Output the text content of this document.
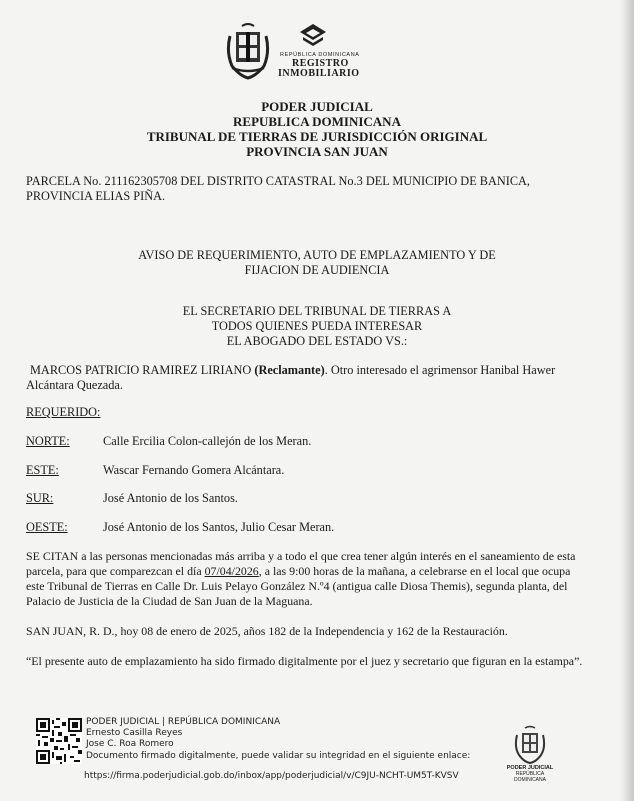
REPÚBLICA DOMINICANA
REGISTRO
INMOBILIARIO
PODER JUDICIAL
REPUBLICA DOMINICANA
TRIBUNAL DE TIERRAS DE JURISDICCIÓN ORIGINAL
PROVINCIA SAN JUAN
PARCELA No. 211162305708 DEL DISTRITO CATASTRAL No.3 DEL MUNICIPIO DE BANICA,
PROVINCIA ELIAS PIÑA.
AVISO DE REQUERIMIENTO, AUTO DE EMPLAZAMIENTO Y DE
FIJACION DE AUDIENCIA
EL SECRETARIO DEL TRIBUNAL DE TIERRAS A
TODOS QUIENES PUEDA INTERESAR
EL ABOGADO DEL ESTADO VS.:
MARCOS PATRICIO RAMIREZ LIRIANO (Reclamante). Otro interesado el agrimensor Hanibal Hawer
Alcántara Quezada.
REQUERIDO:
NORTE:	Calle Ercilia Colon-callejón de los Meran.
ESTE:	Wascar Fernando Gomera Alcántara.
SUR:	José Antonio de los Santos.
OESTE:	José Antonio de los Santos, Julio Cesar Meran.
SE CITAN a las personas mencionadas más arriba y a todo el que crea tener algún interés en el saneamiento de esta
parcela, para que comparezcan el día 07/04/2026, a las 9:00 horas de la mañana, a celebrarse en el local que ocupa
este Tribunal de Tierras en Calle Dr. Luis Pelayo González N.º4 (antigua calle Diosa Themis), segunda planta, del
Palacio de Justicia de la Ciudad de San Juan de la Maguana.
SAN JUAN, R. D., hoy 08 de enero de 2025, años 182 de la Independencia y 162 de la Restauración.
“El presente auto de emplazamiento ha sido firmado digitalmente por el juez y secretario que figuran en la estampa”.
PODER JUDICIAL | REPÚBLICA DOMINICANA
Ernesto Casilla Reyes
Jose C. Roa Romero
Documento firmado digitalmente, puede validar su integridad en el siguiente enlace:
https://firma.poderjudicial.gob.do/inbox/app/poderjudicial/v/C9JU-NCHT-UM5T-KVSV
PODER JUDICIAL
REPÚBLICA DOMINICANA
